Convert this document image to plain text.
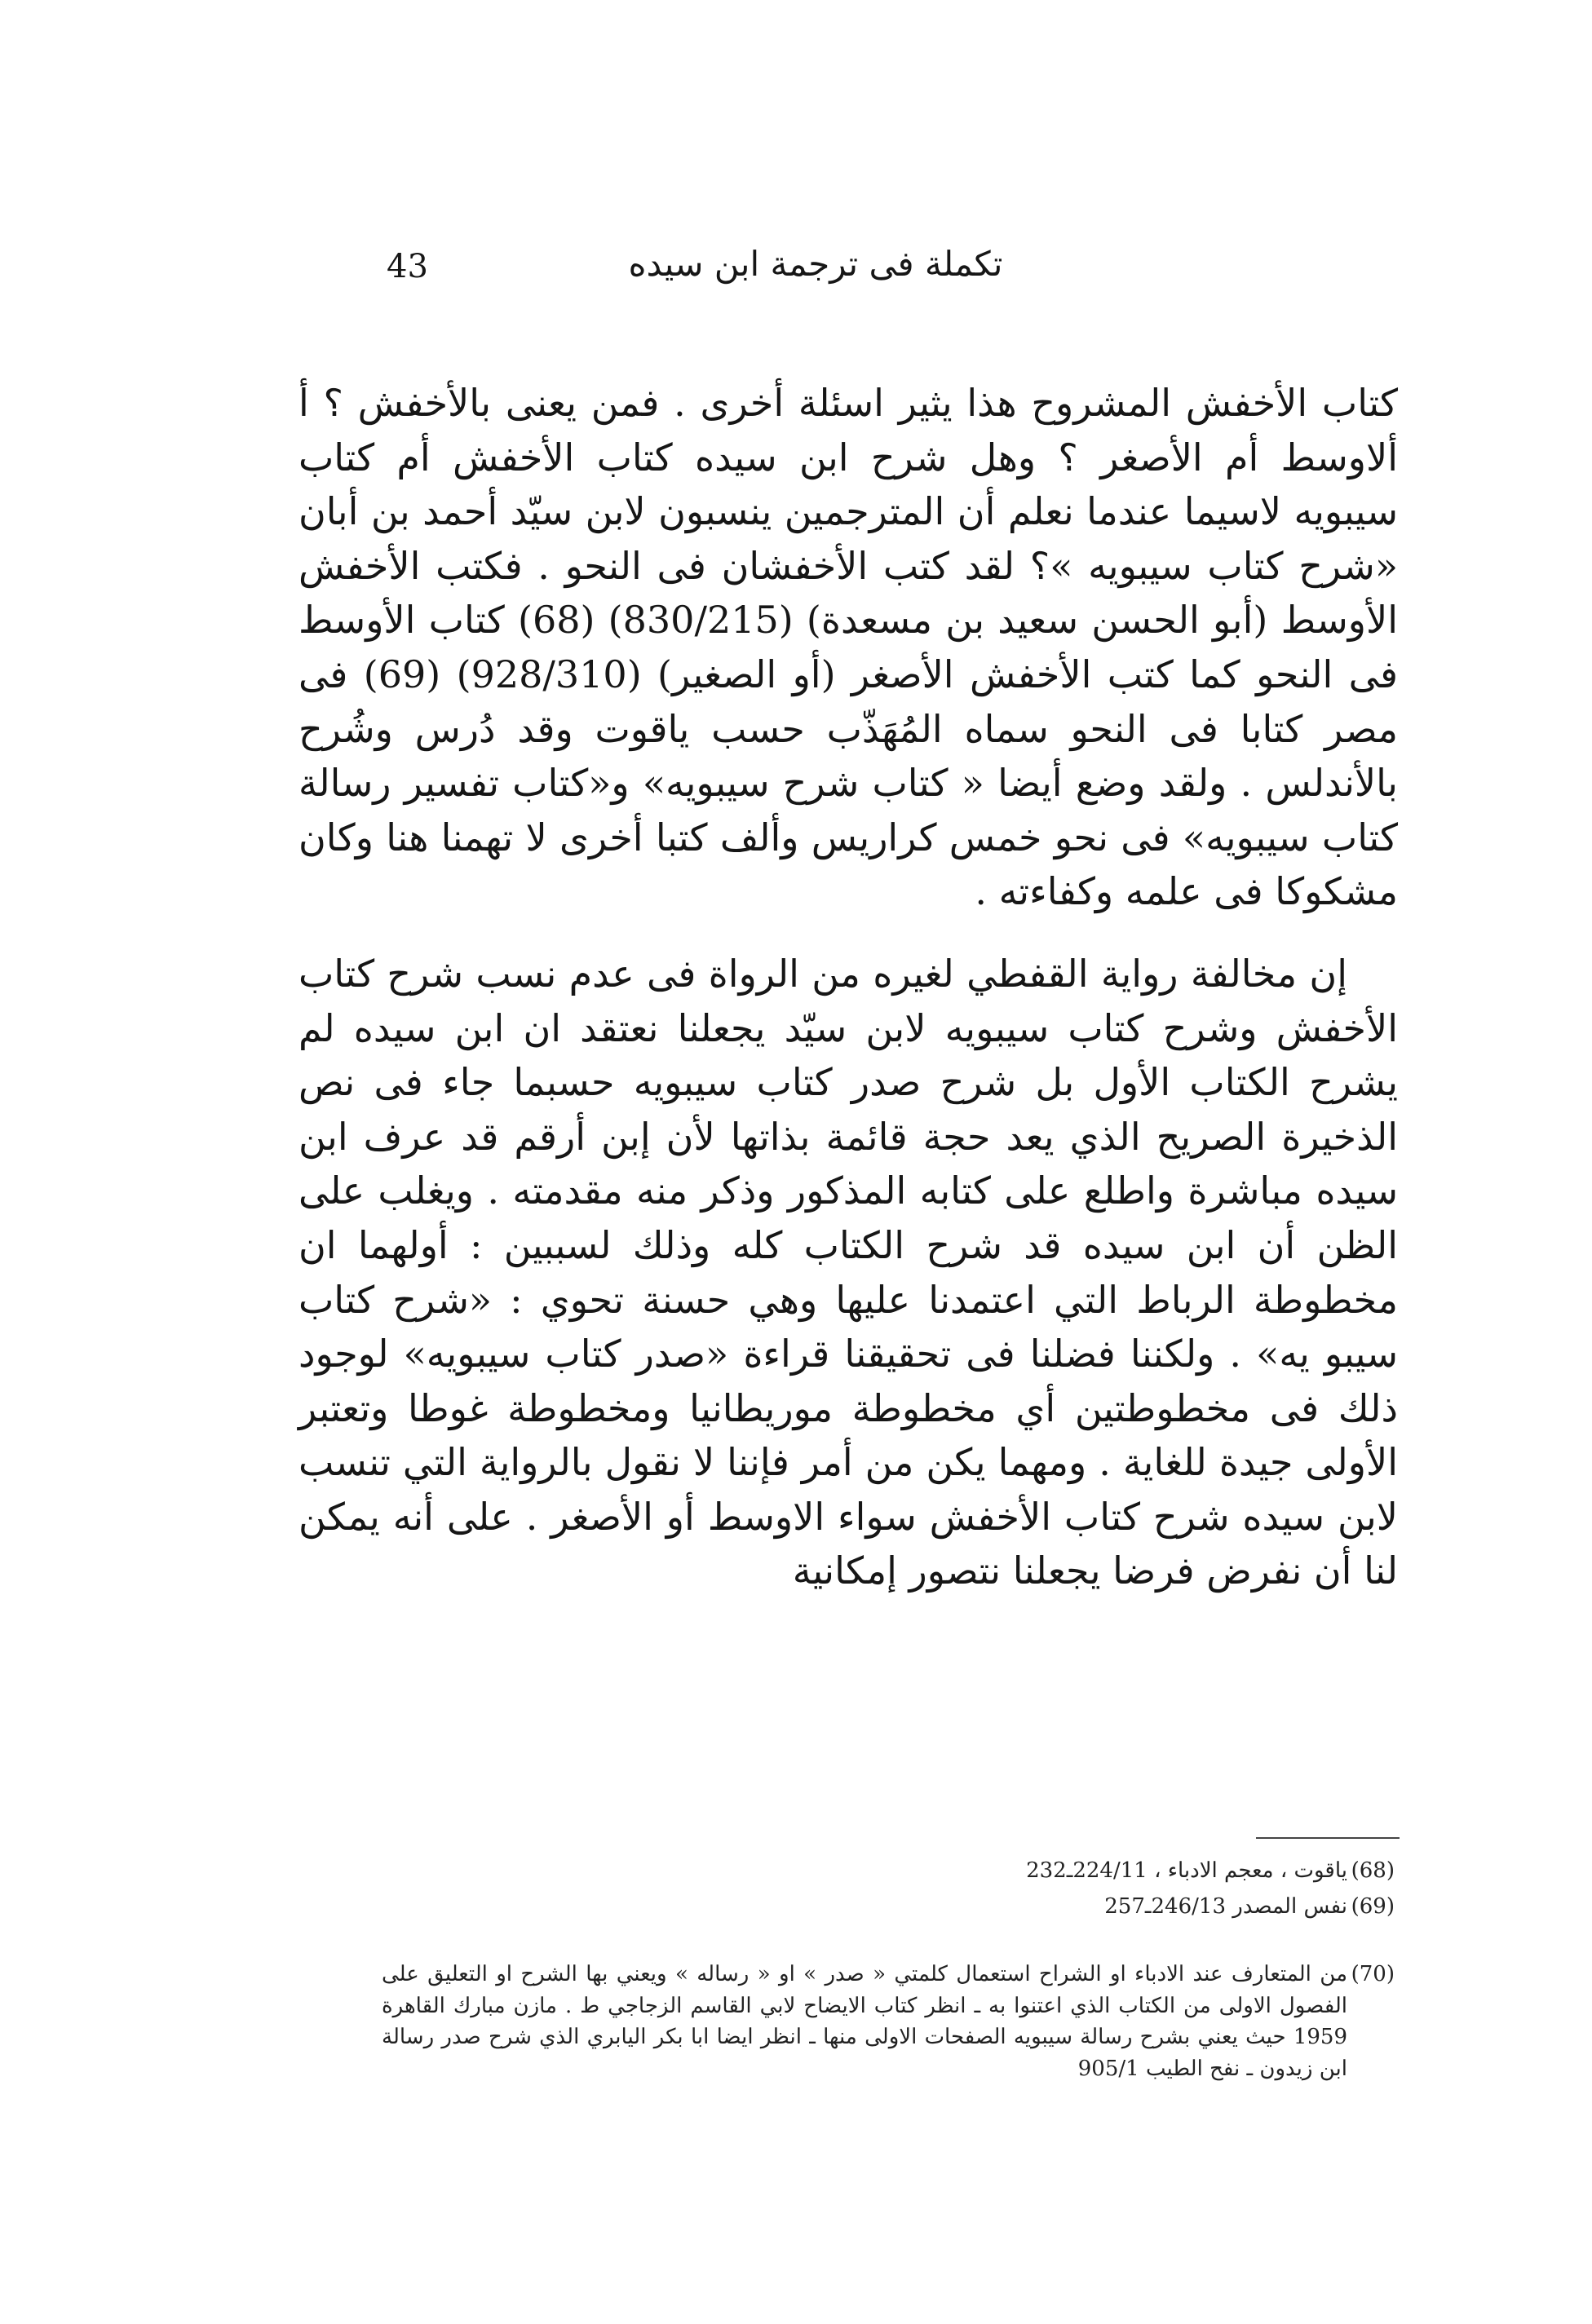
43	تكملة فى ترجمة ابن سيده

كتاب الأخفش المشروح هذا يثير اسئلة أخرى . فمن يعنى بالأخفش ؟ أ ألاوسط أم الأصغر ؟ وهل شرح ابن سيده كتاب الأخفش أم كتاب سيبويه لاسيما عندما نعلم أن المترجمين ينسبون لابن سيّد أحمد بن أبان «شرح كتاب سيبويه »؟ لقد كتب الأخفشان فى النحو . فكتب الأخفش الأوسط (أبو الحسن سعيد بن مسعدة) (830/215) (68) كتاب الأوسط فى النحو كما كتب الأخفش الأصغر (أو الصغير) (928/310) (69) فى مصر كتابا فى النحو سماه المُهَذّب حسب ياقوت وقد دُرس وشُرح بالأندلس . ولقد وضع أيضا « كتاب شرح سيبويه» و«كتاب تفسير رسالة كتاب سيبويه» فى نحو خمس كراريس وألف كتبا أخرى لا تهمنا هنا وكان مشكوكا فى علمه وكفاءته .

إن مخالفة رواية القفطي لغيره من الرواة فى عدم نسب شرح كتاب الأخفش وشرح كتاب سيبويه لابن سيّد يجعلنا نعتقد ان ابن سيده لم يشرح الكتاب الأول بل شرح صدر كتاب سيبويه حسبما جاء فى نص الذخيرة الصريح الذي يعد حجة قائمة بذاتها لأن إبن أرقم قد عرف ابن سيده مباشرة واطلع على كتابه المذكور وذكر منه مقدمته . ويغلب على الظن أن ابن سيده قد شرح الكتاب كله وذلك لسببين : أولهما ان مخطوطة الرباط التي اعتمدنا عليها وهي حسنة تحوي : «شرح كتاب سيبو يه» . ولكننا فضلنا فى تحقيقنا قراءة «صدر كتاب سيبويه» لوجود ذلك فى مخطوطتين أي مخطوطة موريطانيا ومخطوطة غوطا وتعتبر الأولى جيدة للغاية . ومهما يكن من أمر فإننا لا نقول بالرواية التي تنسب لابن سيده شرح كتاب الأخفش سواء الاوسط أو الأصغر . على أنه يمكن لنا أن نفرض فرضا يجعلنا نتصور إمكانية

(68)
ياقوت ، معجم الادباء ، 224/11ـ232
(69)
نفس المصدر 246/13ـ257
(70)
من المتعارف عند الادباء او الشراح استعمال كلمتي « صدر » او « رساله » ويعني بها الشرح او التعليق على الفصول الاولى من الكتاب الذي اعتنوا به ـ انظر كتاب الايضاح لابي القاسم الزجاجي ط . مازن مبارك القاهرة 1959 حيث يعني بشرح رسالة سيبويه الصفحات الاولى منها ـ انظر ايضا ابا بكر اليابري الذي شرح صدر رسالة ابن زيدون ـ نفح الطيب 905/1
